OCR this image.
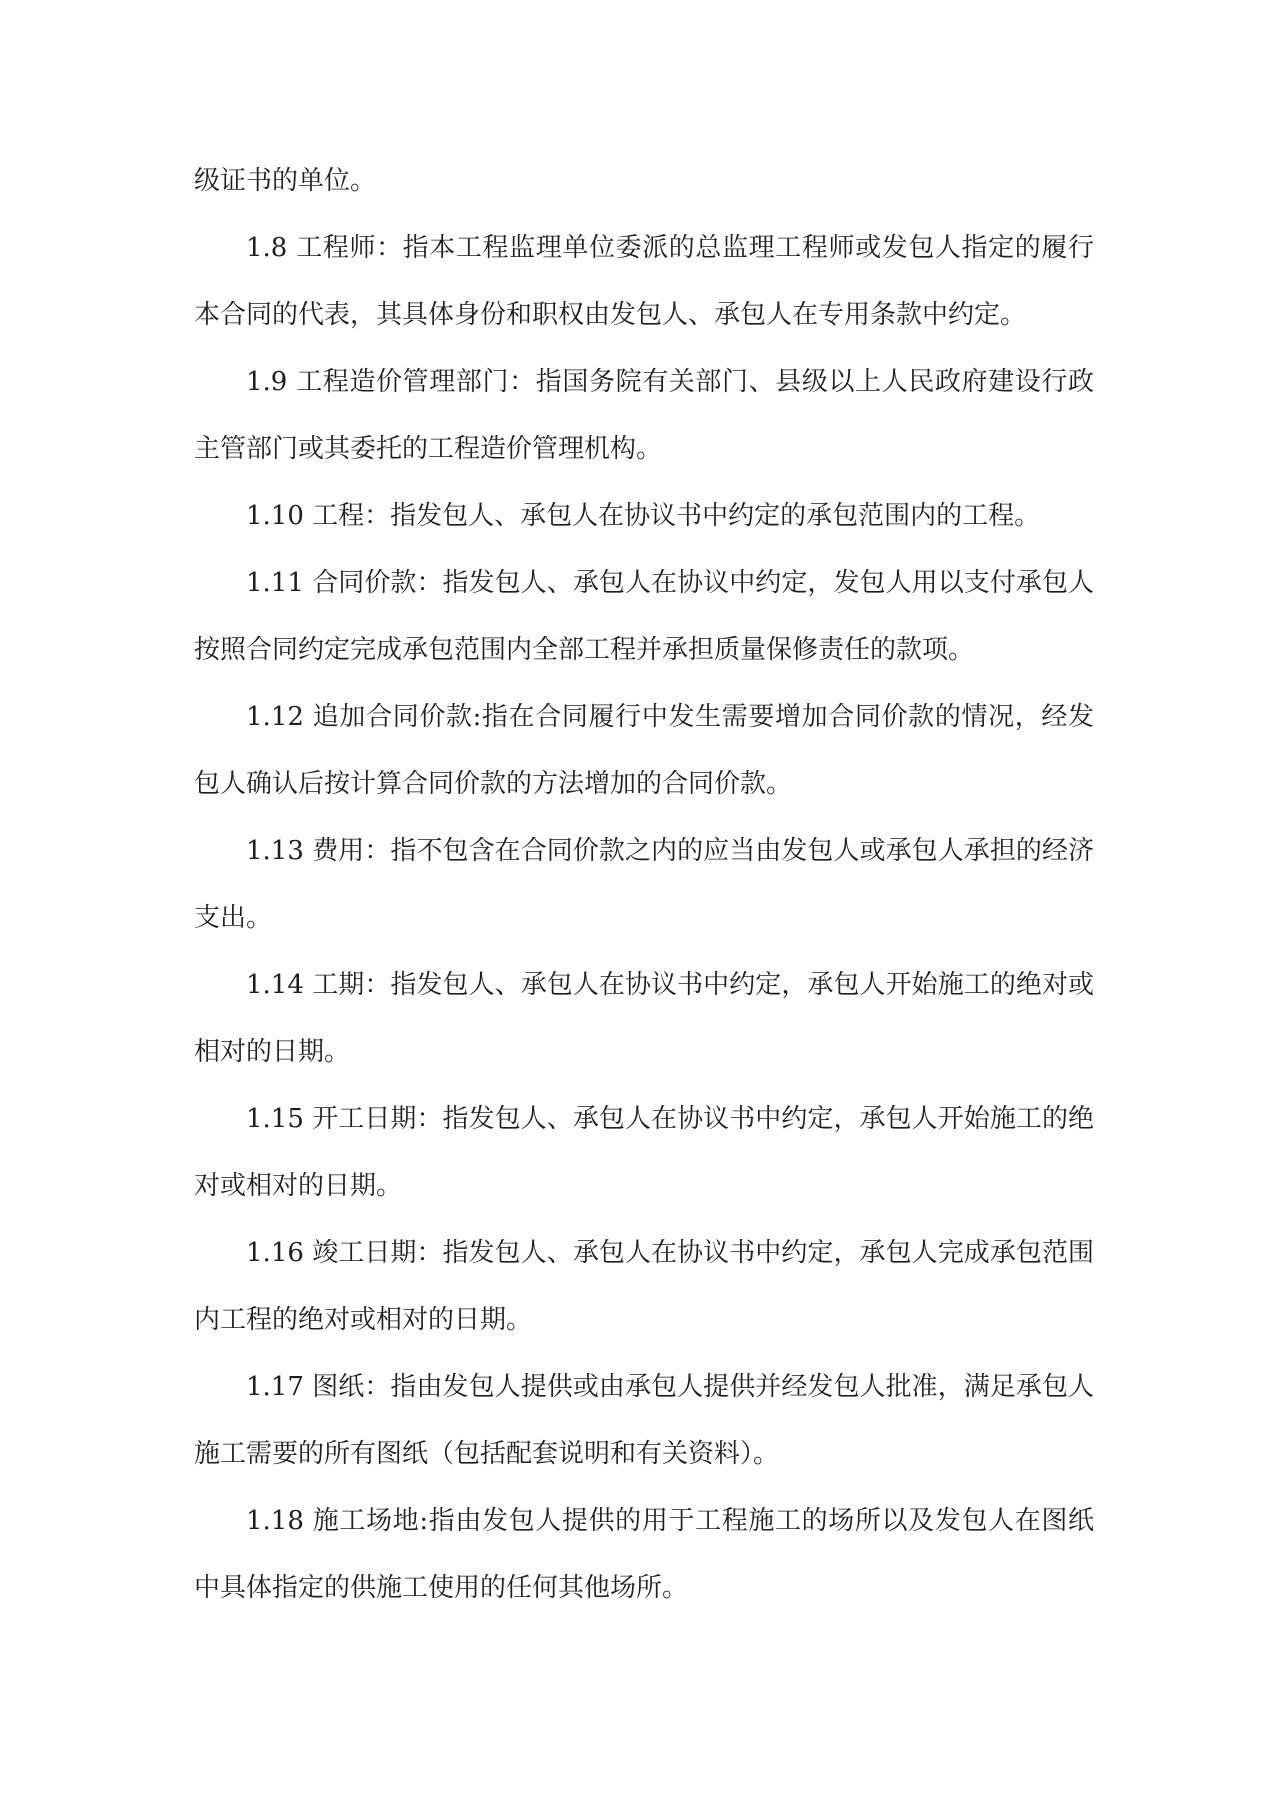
级证书的单位。

1.8 工程师：指本工程监理单位委派的总监理工程师或发包人指定的履行本合同的代表，其具体身份和职权由发包人、承包人在专用条款中约定。

1.9 工程造价管理部门：指国务院有关部门、县级以上人民政府建设行政主管部门或其委托的工程造价管理机构。

1.10 工程：指发包人、承包人在协议书中约定的承包范围内的工程。

1.11 合同价款：指发包人、承包人在协议中约定，发包人用以支付承包人按照合同约定完成承包范围内全部工程并承担质量保修责任的款项。

1.12 追加合同价款:指在合同履行中发生需要增加合同价款的情况，经发包人确认后按计算合同价款的方法增加的合同价款。

1.13 费用：指不包含在合同价款之内的应当由发包人或承包人承担的经济支出。

1.14 工期：指发包人、承包人在协议书中约定，承包人开始施工的绝对或相对的日期。

1.15 开工日期：指发包人、承包人在协议书中约定，承包人开始施工的绝对或相对的日期。

1.16 竣工日期：指发包人、承包人在协议书中约定，承包人完成承包范围内工程的绝对或相对的日期。

1.17 图纸：指由发包人提供或由承包人提供并经发包人批准，满足承包人施工需要的所有图纸（包括配套说明和有关资料）。

1.18 施工场地:指由发包人提供的用于工程施工的场所以及发包人在图纸中具体指定的供施工使用的任何其他场所。
